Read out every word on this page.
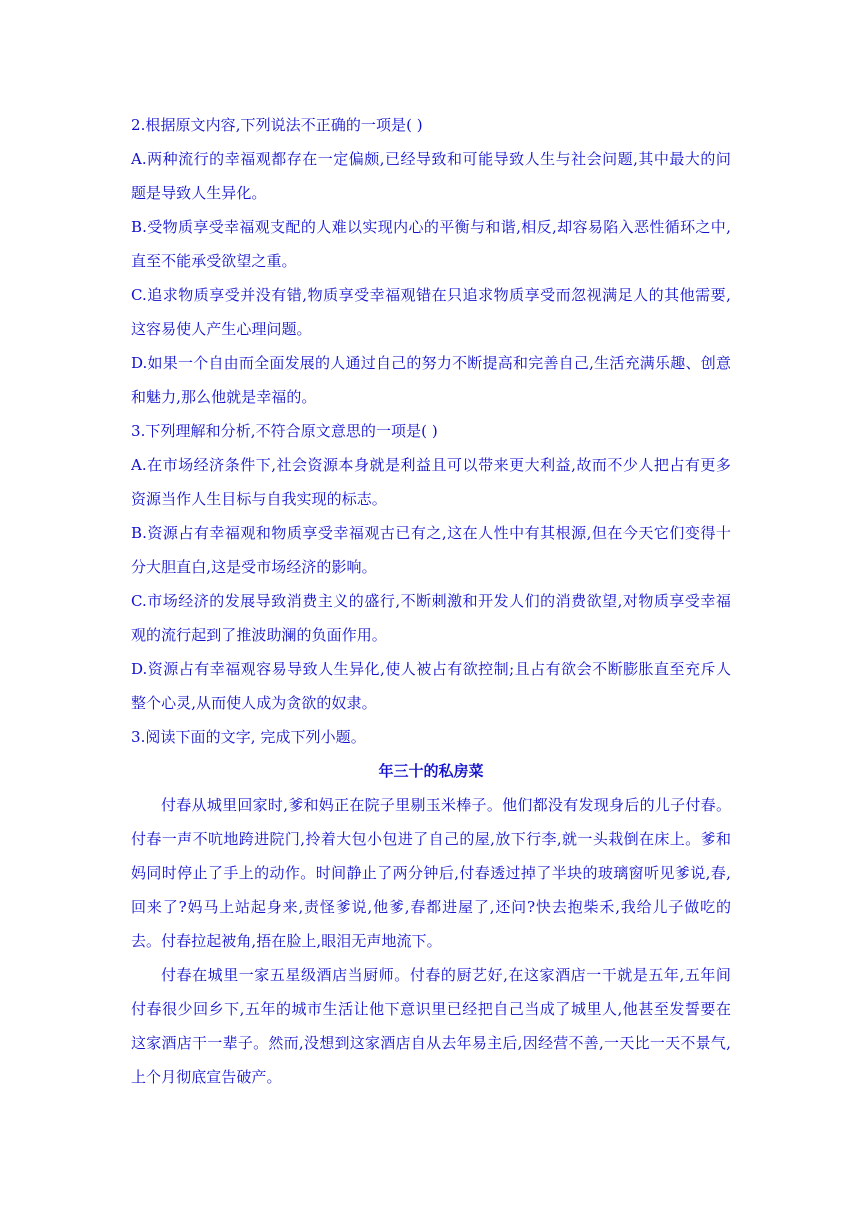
2.根据原文内容,下列说法不正确的一项是( )
A.两种流行的幸福观都存在一定偏颇,已经导致和可能导致人生与社会问题,其中最大的问
题是导致人生异化。
B.受物质享受幸福观支配的人难以实现内心的平衡与和谐,相反,却容易陷入恶性循环之中,
直至不能承受欲望之重。
C.追求物质享受并没有错,物质享受幸福观错在只追求物质享受而忽视满足人的其他需要,
这容易使人产生心理问题。
D.如果一个自由而全面发展的人通过自己的努力不断提高和完善自己,生活充满乐趣、创意
和魅力,那么他就是幸福的。
3.下列理解和分析,不符合原文意思的一项是( )
A.在市场经济条件下,社会资源本身就是利益且可以带来更大利益,故而不少人把占有更多
资源当作人生目标与自我实现的标志。
B.资源占有幸福观和物质享受幸福观古已有之,这在人性中有其根源,但在今天它们变得十
分大胆直白,这是受市场经济的影响。
C.市场经济的发展导致消费主义的盛行,不断刺激和开发人们的消费欲望,对物质享受幸福
观的流行起到了推波助澜的负面作用。
D.资源占有幸福观容易导致人生异化,使人被占有欲控制;且占有欲会不断膨胀直至充斥人
整个心灵,从而使人成为贪欲的奴隶。
3.阅读下面的文字, 完成下列小题。
年三十的私房菜
付春从城里回家时,爹和妈正在院子里剔玉米棒子。他们都没有发现身后的儿子付春。
付春一声不吭地跨进院门,拎着大包小包进了自己的屋,放下行李,就一头栽倒在床上。爹和
妈同时停止了手上的动作。时间静止了两分钟后,付春透过掉了半块的玻璃窗听见爹说,春,
回来了?妈马上站起身来,责怪爹说,他爹,春都进屋了,还问?快去抱柴禾,我给儿子做吃的
去。付春拉起被角,捂在脸上,眼泪无声地流下。
付春在城里一家五星级酒店当厨师。付春的厨艺好,在这家酒店一干就是五年,五年间
付春很少回乡下,五年的城市生活让他下意识里已经把自己当成了城里人,他甚至发誓要在
这家酒店干一辈子。然而,没想到这家酒店自从去年易主后,因经营不善,一天比一天不景气,
上个月彻底宣告破产。
